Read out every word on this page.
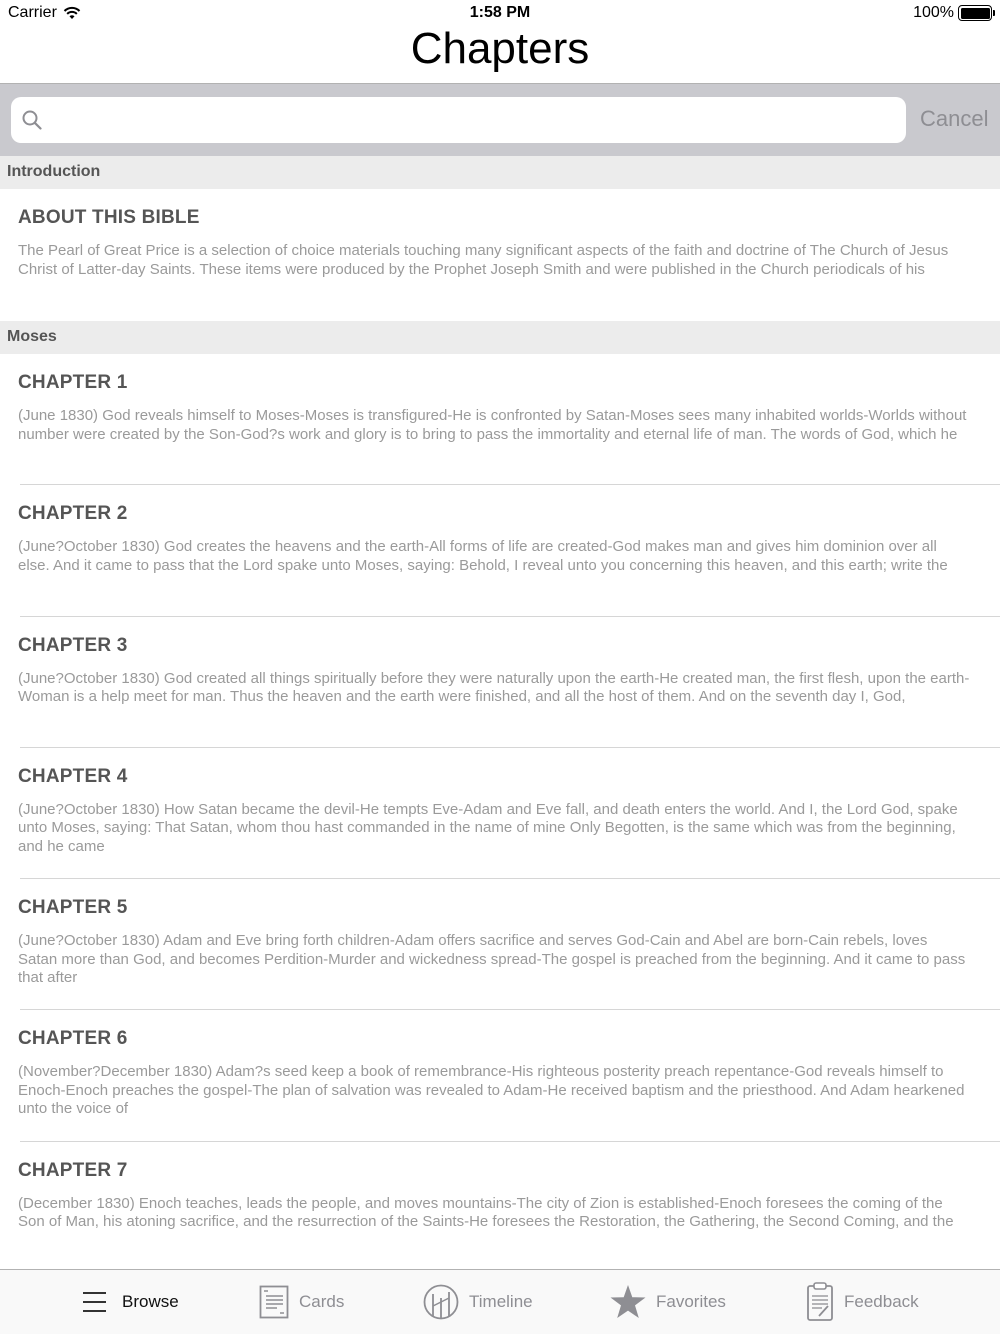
Carrier	1:58 PM	100%
Chapters
Cancel
Introduction
ABOUT THIS BIBLE
The Pearl of Great Price is a selection of choice materials touching many significant aspects of the faith and doctrine of The Church of Jesus Christ of Latter-day Saints. These items were produced by the Prophet Joseph Smith and were published in the Church periodicals of his
Moses
CHAPTER 1
(June 1830) God reveals himself to Moses-Moses is transfigured-He is confronted by Satan-Moses sees many inhabited worlds-Worlds without number were created by the Son-God?s work and glory is to bring to pass the immortality and eternal life of man. The words of God, which he
CHAPTER 2
(June?October 1830) God creates the heavens and the earth-All forms of life are created-God makes man and gives him dominion over all else. And it came to pass that the Lord spake unto Moses, saying: Behold, I reveal unto you concerning this heaven, and this earth; write the
CHAPTER 3
(June?October 1830) God created all things spiritually before they were naturally upon the earth-He created man, the first flesh, upon the earth-Woman is a help meet for man. Thus the heaven and the earth were finished, and all the host of them. And on the seventh day I, God,
CHAPTER 4
(June?October 1830) How Satan became the devil-He tempts Eve-Adam and Eve fall, and death enters the world. And I, the Lord God, spake unto Moses, saying: That Satan, whom thou hast commanded in the name of mine Only Begotten, is the same which was from the beginning, and he came
CHAPTER 5
(June?October 1830) Adam and Eve bring forth children-Adam offers sacrifice and serves God-Cain and Abel are born-Cain rebels, loves Satan more than God, and becomes Perdition-Murder and wickedness spread-The gospel is preached from the beginning. And it came to pass that after
CHAPTER 6
(November?December 1830) Adam?s seed keep a book of remembrance-His righteous posterity preach repentance-God reveals himself to Enoch-Enoch preaches the gospel-The plan of salvation was revealed to Adam-He received baptism and the priesthood. And Adam hearkened unto the voice of
CHAPTER 7
(December 1830) Enoch teaches, leads the people, and moves mountains-The city of Zion is established-Enoch foresees the coming of the Son of Man, his atoning sacrifice, and the resurrection of the Saints-He foresees the Restoration, the Gathering, the Second Coming, and the
Browse	Cards	Timeline	Favorites	Feedback
